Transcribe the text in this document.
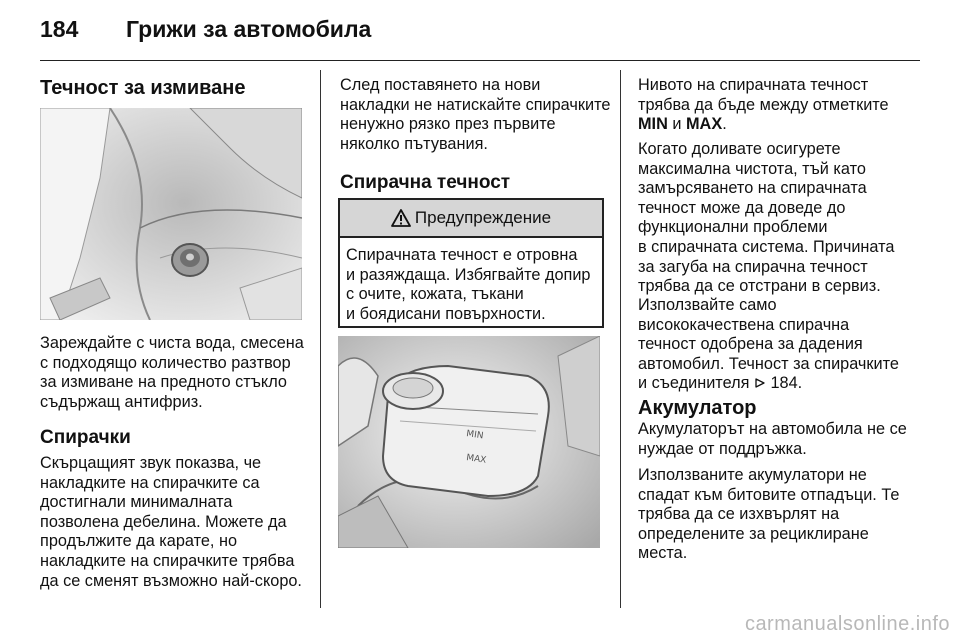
184 Грижи за автомобила
Течност за измиване

Зареждайте с чиста вода, смесена

с подходящо количество разтвор

за измиване на предното стъкло

съдържащ антифриз.

Спирачки

Скърцащият звук показва, че

накладките на спирачките са

достигнали минималната

позволена дебелина. Можете да

продължите да карате, но

накладките на спирачките трябва

да се сменят възможно най-скоро.

След поставянето на нови

накладки не натискайте спирачките

ненужно рязко през първите

няколко пътувания.

Спирачна течност
Предупреждение
Спирачната течност е отровна
и разяждаща. Избягвайте допир
с очите, кожата, тъкани
и боядисани повърхности.
MIN
MAX

Нивото на спирачната течност

трябва да бъде между отметките

MIN и MAX.

Когато доливате осигурете

максимална чистота, тъй като

замърсяването на спирачната

течност може да доведе до

функционални проблеми

в спирачната система. Причината

за загуба на спирачна течност

трябва да се отстрани в сервиз.

Използвайте само

висококачествена спирачна

течност одобрена за дадения

автомобил. Течност за спирачките

и съединителя 184.

Акумулатор

Акумулаторът на автомобила не се

нуждае от поддръжка.

Използваните акумулатори не

спадат към битовите отпадъци. Те

трябва да се изхвърлят на

определените за рециклиране

места.

carmanualsonline.info
